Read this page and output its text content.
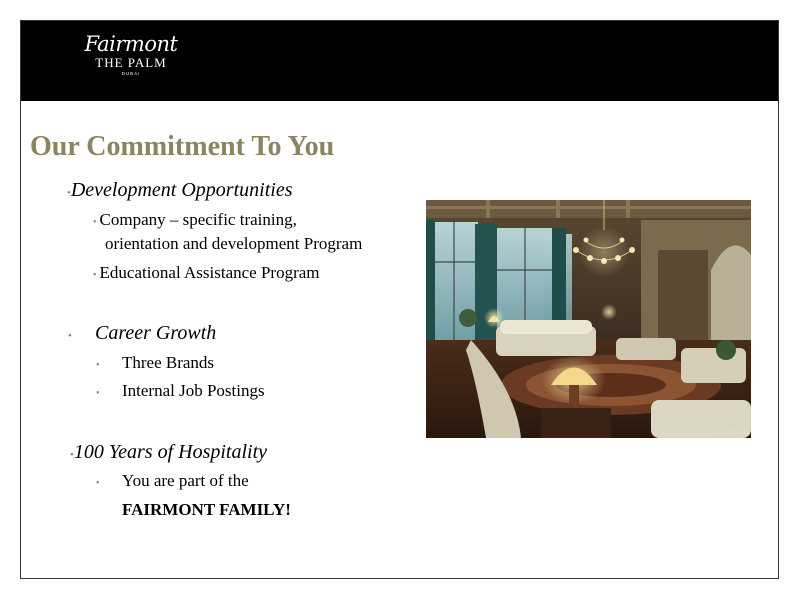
Fairmont
THE PALM
DUBAI
Our Commitment To You
•Development Opportunities
• Company – specific training,
orientation and development Program
• Educational Assistance Program
• Career Growth
• Three Brands
• Internal Job Postings
•100 Years of Hospitality
• You are part of the
FAIRMONT FAMILY!
bluetoome.cc
